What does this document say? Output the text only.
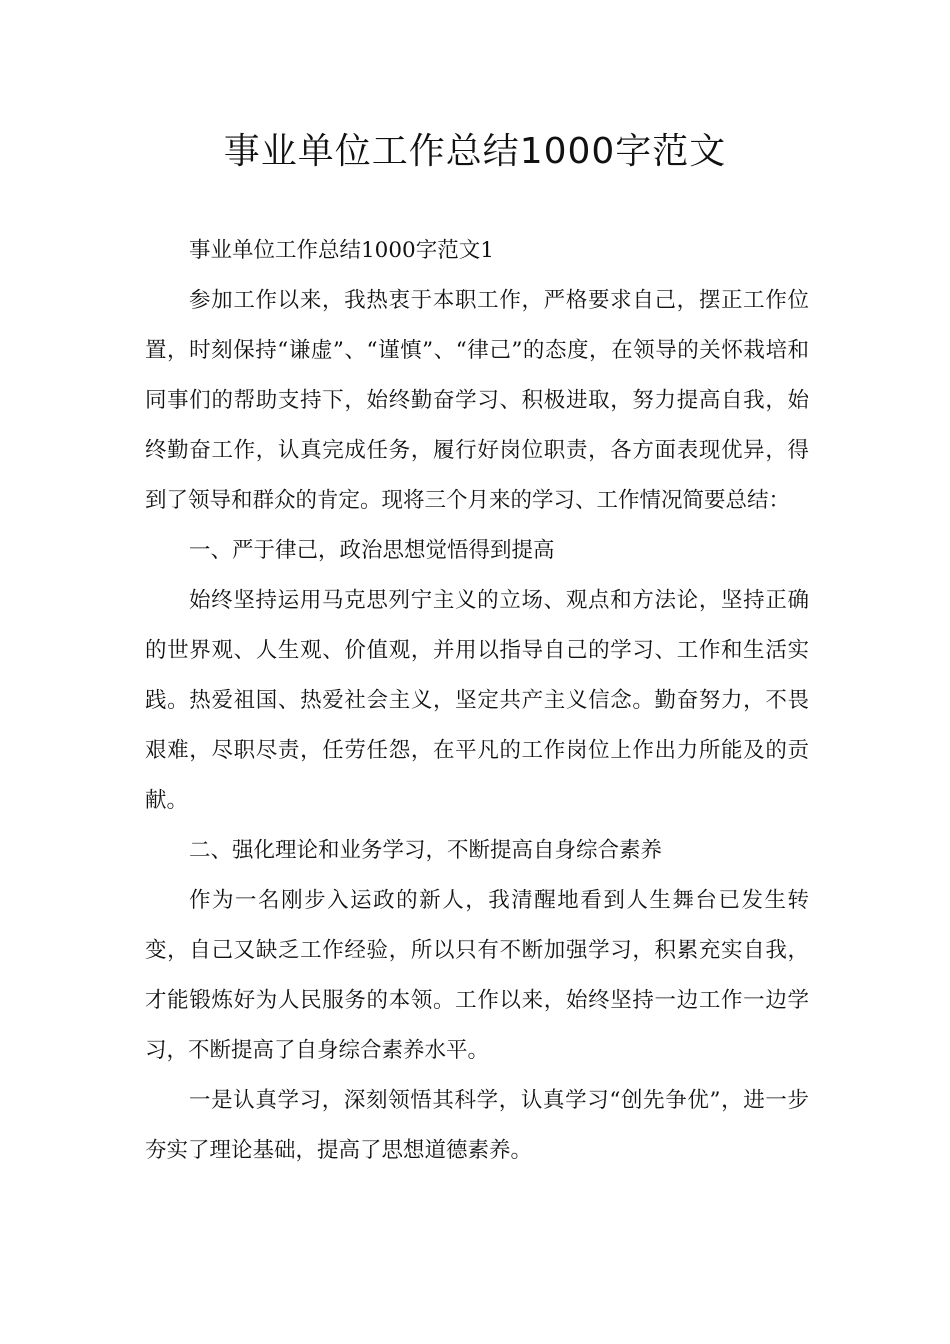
事业单位工作总结1000字范文

事业单位工作总结1000字范文1

参加工作以来，我热衷于本职工作，严格要求自己，摆正工作位置，时刻保持“谦虚”、“谨慎”、“律己”的态度，在领导的关怀栽培和同事们的帮助支持下，始终勤奋学习、积极进取，努力提高自我，始终勤奋工作，认真完成任务，履行好岗位职责，各方面表现优异，得到了领导和群众的肯定。现将三个月来的学习、工作情况简要总结：

一、严于律己，政治思想觉悟得到提高

始终坚持运用马克思列宁主义的立场、观点和方法论，坚持正确的世界观、人生观、价值观，并用以指导自己的学习、工作和生活实践。热爱祖国、热爱社会主义，坚定共产主义信念。勤奋努力，不畏艰难，尽职尽责，任劳任怨，在平凡的工作岗位上作出力所能及的贡献。

二、强化理论和业务学习，不断提高自身综合素养

作为一名刚步入运政的新人，我清醒地看到人生舞台已发生转变，自己又缺乏工作经验，所以只有不断加强学习，积累充实自我，才能锻炼好为人民服务的本领。工作以来，始终坚持一边工作一边学习，不断提高了自身综合素养水平。

一是认真学习，深刻领悟其科学，认真学习“创先争优”，进一步夯实了理论基础，提高了思想道德素养。
